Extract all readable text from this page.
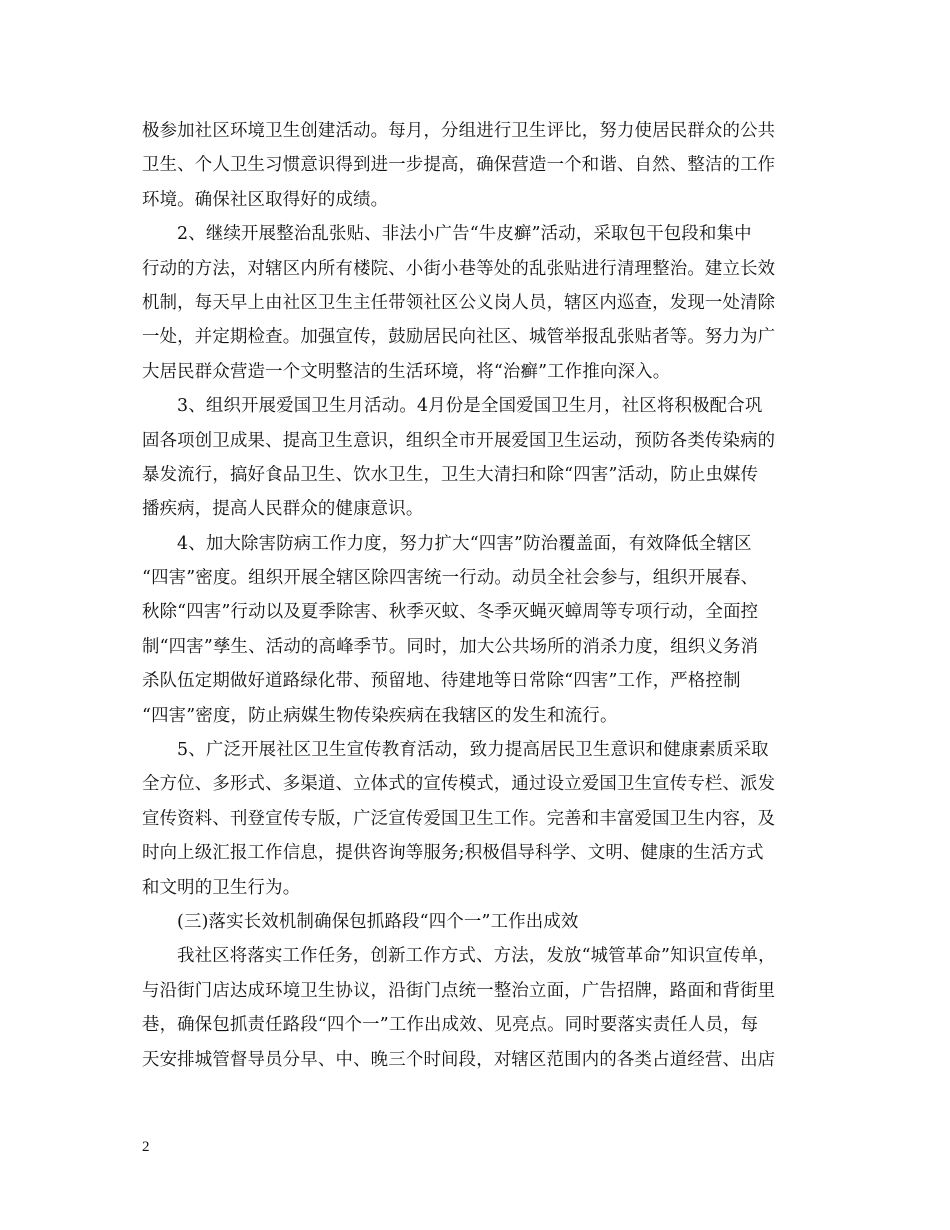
极参加社区环境卫生创建活动。每月，分组进行卫生评比，努力使居民群众的公共
卫生、个人卫生习惯意识得到进一步提高，确保营造一个和谐、自然、整洁的工作
环境。确保社区取得好的成绩。
2、继续开展整治乱张贴、非法小广告“牛皮癣”活动，采取包干包段和集中
行动的方法，对辖区内所有楼院、小街小巷等处的乱张贴进行清理整治。建立长效
机制，每天早上由社区卫生主任带领社区公义岗人员，辖区内巡查，发现一处清除
一处，并定期检查。加强宣传，鼓励居民向社区、城管举报乱张贴者等。努力为广
大居民群众营造一个文明整洁的生活环境，将“治癣”工作推向深入。
3、组织开展爱国卫生月活动。4月份是全国爱国卫生月，社区将积极配合巩
固各项创卫成果、提高卫生意识，组织全市开展爱国卫生运动，预防各类传染病的
暴发流行，搞好食品卫生、饮水卫生，卫生大清扫和除“四害”活动，防止虫媒传
播疾病，提高人民群众的健康意识。
4、加大除害防病工作力度，努力扩大“四害”防治覆盖面，有效降低全辖区
“四害”密度。组织开展全辖区除四害统一行动。动员全社会参与，组织开展春、
秋除“四害”行动以及夏季除害、秋季灭蚊、冬季灭蝇灭蟑周等专项行动，全面控
制“四害”孳生、活动的高峰季节。同时，加大公共场所的消杀力度，组织义务消
杀队伍定期做好道路绿化带、预留地、待建地等日常除“四害”工作，严格控制
“四害”密度，防止病媒生物传染疾病在我辖区的发生和流行。
5、广泛开展社区卫生宣传教育活动，致力提高居民卫生意识和健康素质采取
全方位、多形式、多渠道、立体式的宣传模式，通过设立爱国卫生宣传专栏、派发
宣传资料、刊登宣传专版，广泛宣传爱国卫生工作。完善和丰富爱国卫生内容，及
时向上级汇报工作信息，提供咨询等服务;积极倡导科学、文明、健康的生活方式
和文明的卫生行为。
(三)落实长效机制确保包抓路段“四个一”工作出成效
我社区将落实工作任务，创新工作方式、方法，发放“城管革命”知识宣传单，
与沿街门店达成环境卫生协议，沿街门点统一整治立面，广告招牌，路面和背街里
巷，确保包抓责任路段“四个一”工作出成效、见亮点。同时要落实责任人员，每
天安排城管督导员分早、中、晚三个时间段，对辖区范围内的各类占道经营、出店
2
